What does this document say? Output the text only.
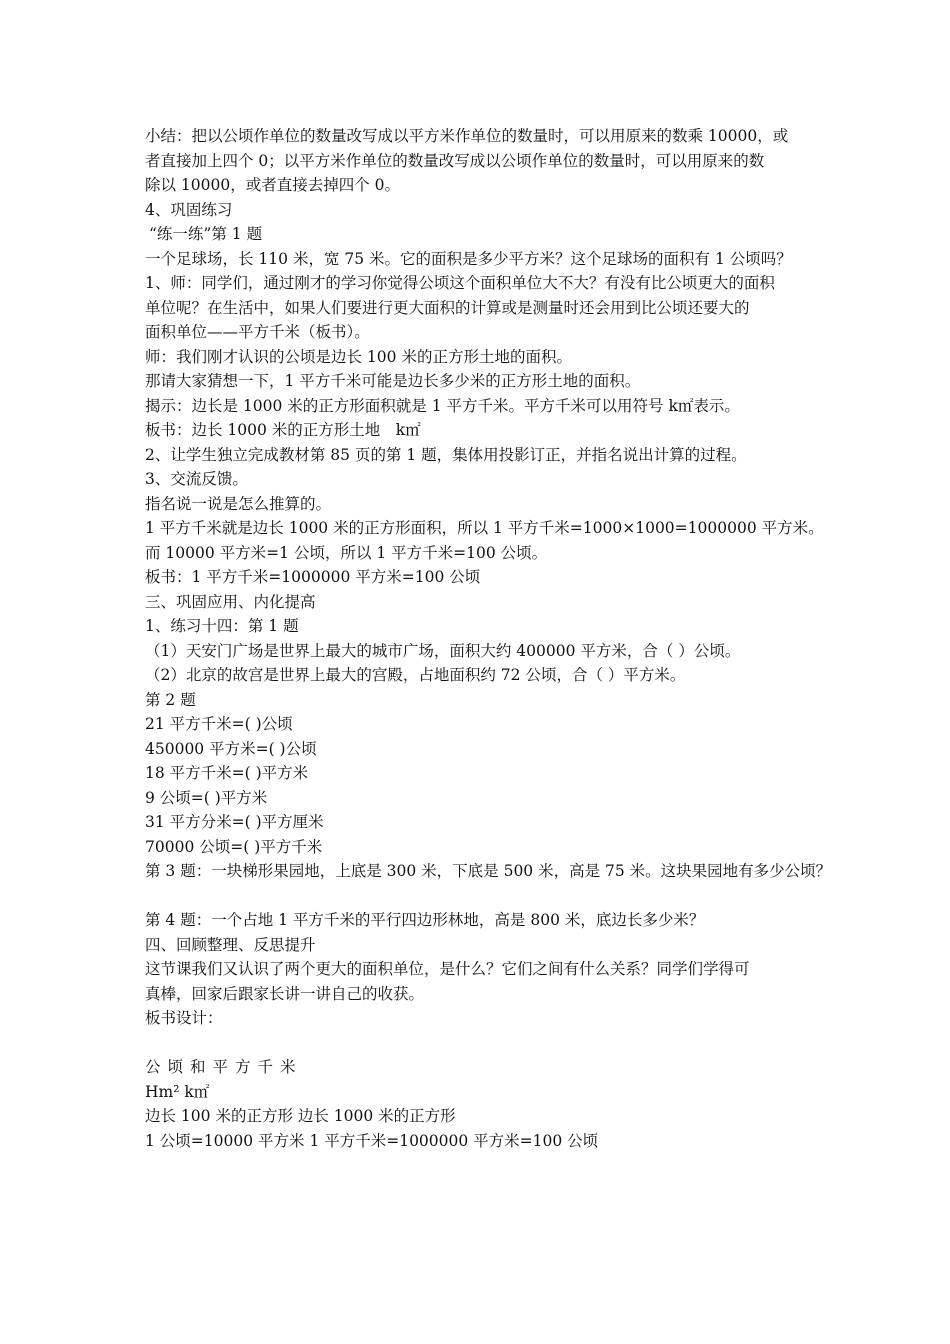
小结：把以公顷作单位的数量改写成以平方米作单位的数量时，可以用原来的数乘 10000，或
者直接加上四个 0；以平方米作单位的数量改写成以公顷作单位的数量时，可以用原来的数
除以 10000，或者直接去掉四个 0。
4、巩固练习
“练一练”第 1 题
一个足球场，长 110 米，宽 75 米。它的面积是多少平方米？这个足球场的面积有 1 公顷吗？
1、师：同学们，通过刚才的学习你觉得公顷这个面积单位大不大？有没有比公顷更大的面积
单位呢？在生活中，如果人们要进行更大面积的计算或是测量时还会用到比公顷还要大的
面积单位——平方千米（板书）。
师：我们刚才认识的公顷是边长 100 米的正方形土地的面积。
那请大家猜想一下，1 平方千米可能是边长多少米的正方形土地的面积。
揭示：边长是 1000 米的正方形面积就是 1 平方千米。平方千米可以用符号 k㎡表示。
板书：边长 1000 米的正方形土地　k㎡
2、让学生独立完成教材第 85 页的第 1 题，集体用投影订正，并指名说出计算的过程。
3、交流反馈。
指名说一说是怎么推算的。
1 平方千米就是边长 1000 米的正方形面积，所以 1 平方千米=1000×1000=1000000 平方米。
而 10000 平方米=1 公顷，所以 1 平方千米=100 公顷。
板书：1 平方千米=1000000 平方米=100 公顷
三、巩固应用、内化提高
1、练习十四：第 1 题
（1）天安门广场是世界上最大的城市广场，面积大约 400000 平方米，合（ ）公顷。
（2）北京的故宫是世界上最大的宫殿，占地面积约 72 公顷，合（ ）平方米。
第 2 题
21 平方千米=( )公顷
450000 平方米=( )公顷
18 平方千米=( )平方米
9 公顷=( )平方米
31 平方分米=( )平方厘米
70000 公顷=( )平方千米
第 3 题：一块梯形果园地，上底是 300 米，下底是 500 米，高是 75 米。这块果园地有多少公顷？
第 4 题：一个占地 1 平方千米的平行四边形林地，高是 800 米，底边长多少米？
四、回顾整理、反思提升
这节课我们又认识了两个更大的面积单位，是什么？它们之间有什么关系？同学们学得可
真棒，回家后跟家长讲一讲自己的收获。
板书设计：
公顷和平方千米
Hm² k㎡
边长 100 米的正方形 边长 1000 米的正方形
1 公顷=10000 平方米 1 平方千米=1000000 平方米=100 公顷
